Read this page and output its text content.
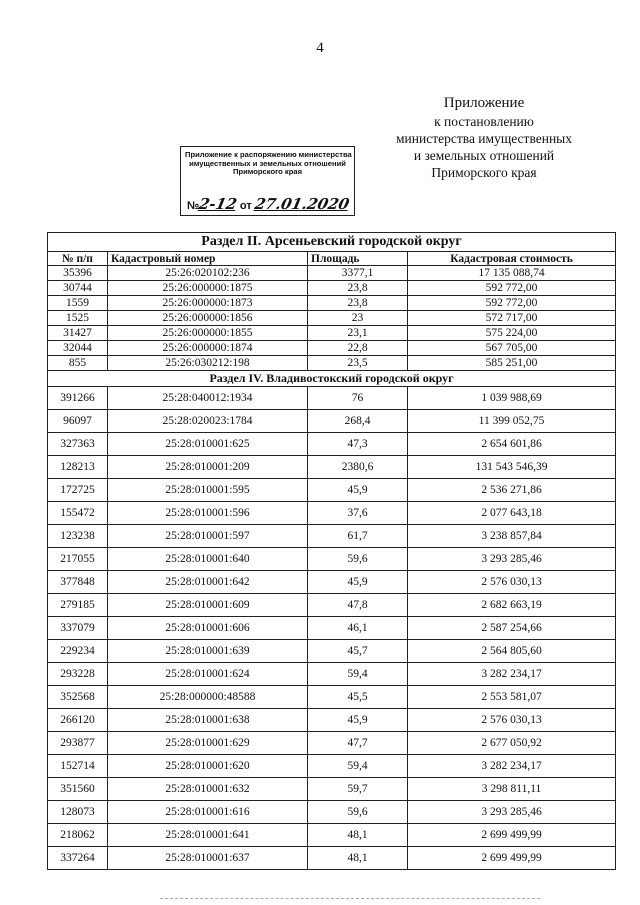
4
Приложение
к постановлению
министерства имущественных
и земельных отношений
Приморского края
Приложение к распоряжению министерства
имущественных и земельных отношений
Приморского края
№2-12 от 27.01.2020
Раздел II. Арсеньевский городской округ			
№ п/п	Кадастровый номер	Площадь	Кадастровая стоимость
35396	25:26:020102:236	3377,1	17 135 088,74
30744	25:26:000000:1875	23,8	592 772,00
1559	25:26:000000:1873	23,8	592 772,00
1525	25:26:000000:1856	23	572 717,00
31427	25:26:000000:1855	23,1	575 224,00
32044	25:26:000000:1874	22,8	567 705,00
855	25:26:030212:198	23,5	585 251,00
Раздел IV. Владивостокский городской округ			
391266	25:28:040012:1934	76	1 039 988,69
96097	25:28:020023:1784	268,4	11 399 052,75
327363	25:28:010001:625	47,3	2 654 601,86
128213	25:28:010001:209	2380,6	131 543 546,39
172725	25:28:010001:595	45,9	2 536 271,86
155472	25:28:010001:596	37,6	2 077 643,18
123238	25:28:010001:597	61,7	3 238 857,84
217055	25:28:010001:640	59,6	3 293 285,46
377848	25:28:010001:642	45,9	2 576 030,13
279185	25:28:010001:609	47,8	2 682 663,19
337079	25:28:010001:606	46,1	2 587 254,66
229234	25:28:010001:639	45,7	2 564 805,60
293228	25:28:010001:624	59,4	3 282 234,17
352568	25:28:000000:48588	45,5	2 553 581,07
266120	25:28:010001:638	45,9	2 576 030,13
293877	25:28:010001:629	47,7	2 677 050,92
152714	25:28:010001:620	59,4	3 282 234,17
351560	25:28:010001:632	59,7	3 298 811,11
128073	25:28:010001:616	59,6	3 293 285,46
218062	25:28:010001:641	48,1	2 699 499,99
337264	25:28:010001:637	48,1	2 699 499,99
